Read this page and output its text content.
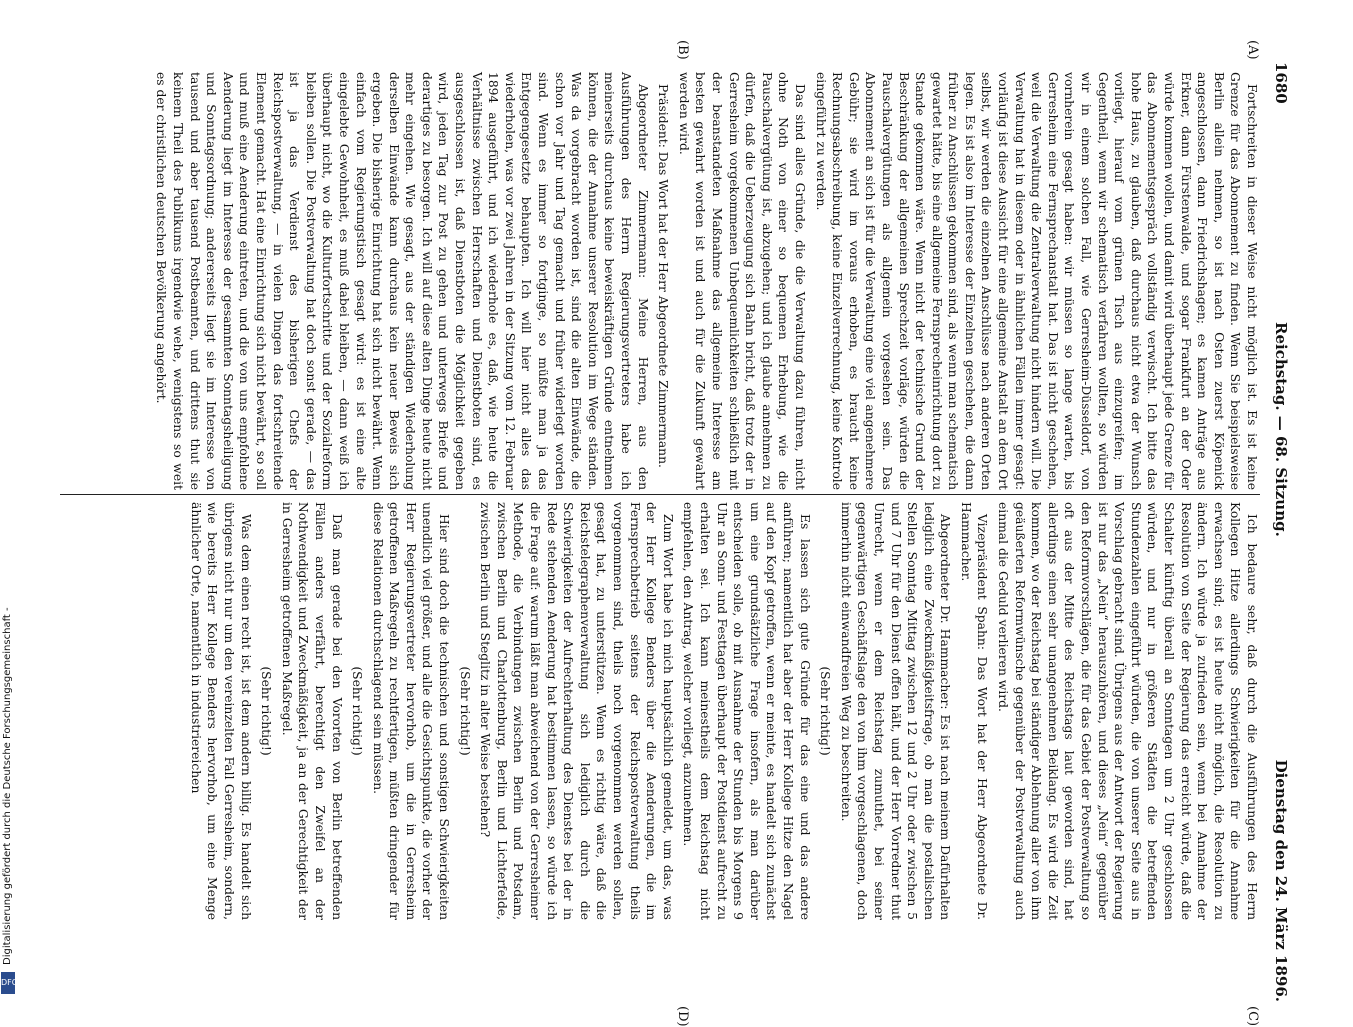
1680
Reichstag. — 68. Sitzung.
Dienstag den 24. März 1896.
(A)
(B)
(C)
(D)

Fortschreiten in dieser Weise nicht möglich ist. Es ist keine Grenze für das Abonnement zu finden. Wenn Sie beispielsweise Berlin allein nehmen, so ist nach Osten zuerst Köpenick angeschlossen, dann Friedrichshagen; es kamen Anträge aus Erkner, dann Fürstenwalde, und sogar Frankfurt an der Oder würde kommen wollen, und damit wird überhaupt jede Grenze für das Abonnementsgespräch vollständig verwischt. Ich bitte das hohe Haus, zu glauben, daß durchaus nicht etwa der Wunsch vorliegt, hierauf vom grünen Tisch aus einzugreifen; im Gegentheil, wenn wir schematisch verfahren wollten, so würden wir in einem solchen Fall, wie Gerresheim-Düsseldorf, von vornherein gesagt haben: wir müssen so lange warten, bis Gerresheim eine Fernsprechanstalt hat. Das ist nicht geschehen, weil die Verwaltung die Zentralverwaltung nicht hindern will. Die Verwaltung hat in diesem oder in ähnlichen Fällen immer gesagt: vorläufig ist diese Aussicht für eine allgemeine Anstalt an dem Ort selbst, wir werden die einzelnen Anschlüsse nach anderen Orten legen. Es ist also im Interesse der Einzelnen geschehen, die dann früher zu Anschlüssen gekommen sind, als wenn man schematisch gewartet hätte, bis eine allgemeine Fernsprecheinrichtung dort zu Stande gekommen wäre. Wenn nicht der technische Grund der Beschränkung der allgemeinen Sprechzeit vorläge, würden die Pauschalvergütungen als allgemein vorgesehen sein. Das Abonnement an sich ist für die Verwaltung eine viel angenehmere Gebühr; sie wird im voraus erhoben, es braucht keine Rechnungsabschreibung, keine Einzelverrechnung, keine Kontrole eingeführt zu werden.

Das sind alles Gründe, die die Verwaltung dazu führen, nicht ohne Noth von einer so bequemen Erhebung, wie die Pauschalvergütung ist, abzugehen; und ich glaube annehmen zu dürfen, daß die Ueberzeugung sich Bahn bricht, daß trotz der in Gerresheim vorgekommenen Unbequemlichkeiten schließlich mit der beanstandeten Maßnahme das allgemeine Interesse am besten gewahrt worden ist und auch für die Zukunft gewahrt werden wird.

Präsident: Das Wort hat der Herr Abgeordnete Zimmermann.

Abgeordneter Zimmermann: Meine Herren, aus den Ausführungen des Herrn Regierungsvertreters habe ich meinerseits durchaus keine beweiskräftigen Gründe entnehmen können, die der Annahme unserer Resolution im Wege ständen. Was da vorgebracht worden ist, sind die alten Einwände, die schon vor Jahr und Tag gemacht und früher widerlegt worden sind. Wenn es immer so fortginge, so müßte man ja das Entgegengesetzte behaupten. Ich will hier nicht alles das wiederholen, was vor zwei Jahren in der Sitzung vom 12. Februar 1894 ausgeführt, und ich wiederhole es, daß, wie heute die Verhältnisse zwischen Herrschaften und Dienstboten sind, es ausgeschlossen ist, daß Dienstboten die Möglichkeit gegeben wird, jeden Tag zur Post zu gehen und unterwegs Briefe und derartiges zu besorgen. Ich will auf diese alten Dinge heute nicht mehr eingehen. Wie gesagt, aus der ständigen Wiederholung derselben Einwände kann durchaus kein neuer Beweis sich ergeben. Die bisherige Einrichtung hat sich nicht bewährt. Wenn einfach vom Regierungstisch gesagt wird: es ist eine alte eingelebte Gewohnheit, es muß dabei bleiben, — dann weiß ich überhaupt nicht, wo die Kulturfortschritte und der Sozialreform bleiben sollen. Die Postverwaltung hat doch sonst gerade, — das ist ja das Verdienst des bisherigen Chefs der Reichspostverwaltung, — in vielen Dingen das fortschreitende Element gemacht. Hat eine Einrichtung sich nicht bewährt, so soll und muß eine Aenderung eintreten, und die von uns empfohlene Aenderung liegt im Interesse der gesammten Sonntagsheiligung und Sonntagsordnung; andererseits liegt sie im Interesse von tausend und aber tausend Postbeamten, und drittens thut sie keinem Theil des Publikums irgendwie wehe, wenigstens so weit es der christlichen deutschen Bevölkerung angehört.

Ich bedaure sehr, daß durch die Ausführungen des Herrn Kollegen Hitze allerdings Schwierigkeiten für die Annahme erwachsen sind; es ist heute nicht möglich, die Resolution zu ändern. Ich würde ja zufrieden sein, wenn bei Annahme der Resolution von Seite der Regierung das erreicht würde, daß die Schalter künftig überall an Sonntagen um 2 Uhr geschlossen würden, und nur in größeren Städten die betreffenden Stundenzahlen eingeführt würden, die von unserer Seite aus in Vorschlag gebracht sind. Übrigens aus der Antwort der Regierung ist nur das „Nein“ herauszuhören, und dieses „Nein“ gegenüber den Reformvorschlägen, die für das Gebiet der Postverwaltung so oft aus der Mitte des Reichstags laut geworden sind, hat allerdings einen sehr unangenehmen Beiklang. Es wird die Zeit kommen, wo der Reichstag bei ständiger Ablehnung aller von ihm geäußerten Reformwünsche gegenüber der Postverwaltung auch einmal die Geduld verlieren wird.

Vizepräsident Spahn: Das Wort hat der Herr Abgeordnete Dr. Hammacher.

Abgeordneter Dr. Hammacher: Es ist nach meinem Dafürhalten lediglich eine Zweckmäßigkeitsfrage, ob man die postalischen Stellen Sonntag Mittag zwischen 12 und 2 Uhr oder zwischen 5 und 7 Uhr für den Dienst offen hält, und der Herr Vorredner thut Unrecht, wenn er dem Reichstag zumuthet, bei seiner gegenwärtigen Geschäftslage den von ihm vorgeschlagenen, doch immerhin nicht einwandfreien Weg zu beschreiten.

(Sehr richtig!)

Es lassen sich gute Gründe für das eine und das andere anführen; namentlich hat aber der Herr Kollege Hitze den Nagel auf den Kopf getroffen, wenn er meinte, es handelt sich zunächst um eine grundsätzliche Frage insofern, als man darüber entscheiden solle, ob mit Ausnahme der Stunden bis Morgens 9 Uhr an Sonn- und Festtagen überhaupt der Postdienst aufrecht zu erhalten sei. Ich kann meinestheils dem Reichstag nicht empfehlen, den Antrag, welcher vorliegt, anzunehmen.

Zum Wort habe ich mich hauptsächlich gemeldet, um das, was der Herr Kollege Benders über die Aenderungen, die im Fernsprechbetrieb seitens der Reichspostverwaltung theils vorgenommen sind, theils noch vorgenommen werden sollen, gesagt hat, zu unterstützen. Wenn es richtig wäre, daß die Reichstelegraphenverwaltung sich lediglich durch die Schwierigkeiten der Aufrechterhaltung des Dienstes bei der in Rede stehenden Aenderung hat bestimmen lassen, so würde ich die Frage auf: warum läßt man abweichend von der Gerresheimer Methode, die Verbindungen zwischen Berlin und Potsdam, zwischen Berlin und Charlottenburg, Berlin und Lichterfelde, zwischen Berlin und Steglitz in alter Weise bestehen?

(Sehr richtig!)

Hier sind doch die technischen und sonstigen Schwierigkeiten unendlich viel größer, und alle die Gesichtspunkte, die vorher der Herr Regierungsvertreter hervorhob, um die in Gerresheim getroffenen Maßregeln zu rechtfertigen, müßten dringender für diese Relationen durchschlagend sein müssen.

(Sehr richtig!)

Daß man gerade bei den Vororten von Berlin betreffenden Fällen anders verfährt, berechtigt den Zweifel an der Nothwendigkeit und Zweckmäßigkeit, ja an der Gerechtigkeit der in Gerresheim getroffenen Maßregel.

(Sehr richtig!)

Was dem einen recht ist, ist dem andern billig. Es handelt sich übrigens nicht nur um den vereinzelten Fall Gerresheim, sondern, wie bereits Herr Kollege Benders hervorhob, um eine Menge ähnlicher Orte, namentlich in industriereichen

Digitalisierung gefördert durch die Deutsche Forschungsgemeinschaft -
DFG
